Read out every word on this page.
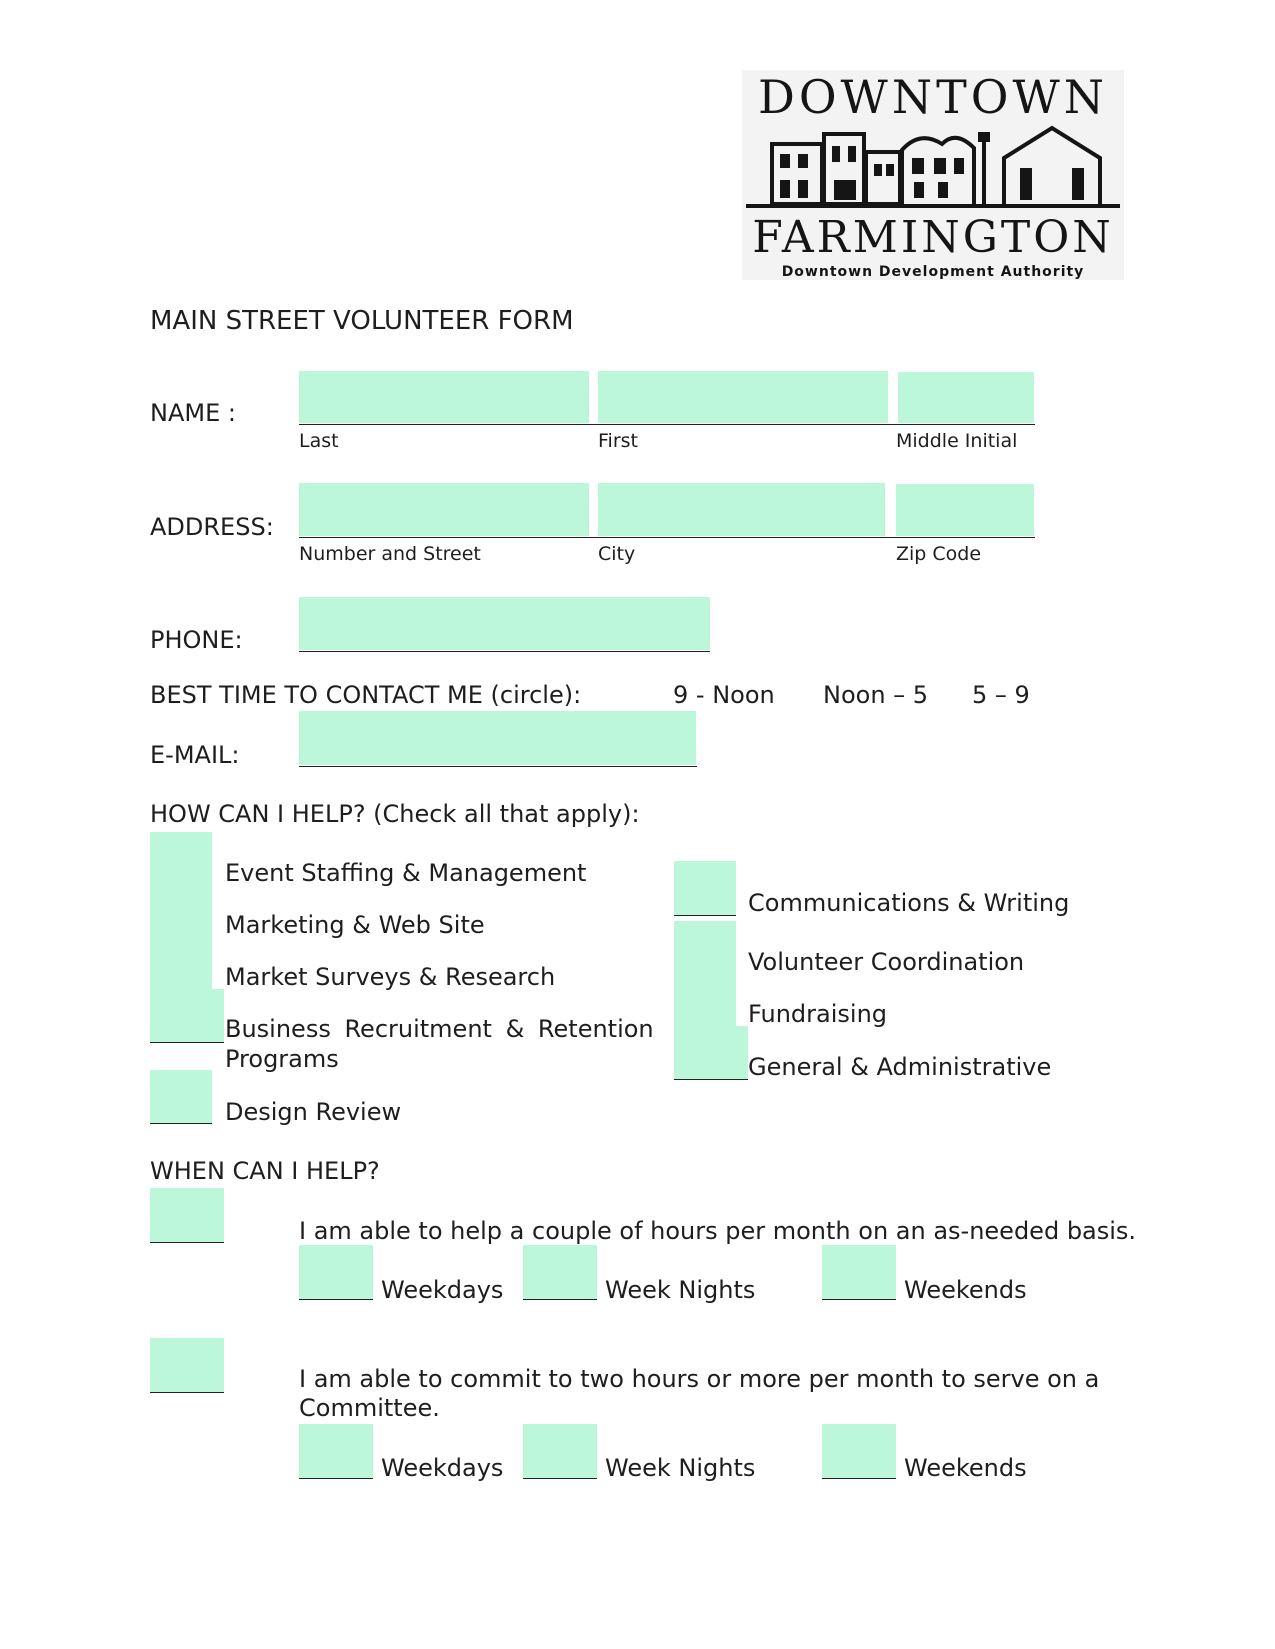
DOWNTOWN
FARMINGTON
Downtown Development Authority
MAIN STREET VOLUNTEER FORM
NAME :
Last	First	Middle Initial
ADDRESS:
Number and Street	City	Zip Code
PHONE:
BEST TIME TO CONTACT ME (circle):	9 - Noon Noon – 5 5 – 9
E-MAIL:
HOW CAN I HELP? (Check all that apply):
Event Staffing & Management
Marketing & Web Site
Market Surveys & Research
Business Recruitment & Retention
Programs
Design Review
Communications & Writing
Volunteer Coordination
Fundraising
General & Administrative
WHEN CAN I HELP?
I am able to help a couple of hours per month on an as-needed basis.
Weekdays	Week Nights	Weekends
I am able to commit to two hours or more per month to serve on a
Committee.
Weekdays	Week Nights	Weekends
